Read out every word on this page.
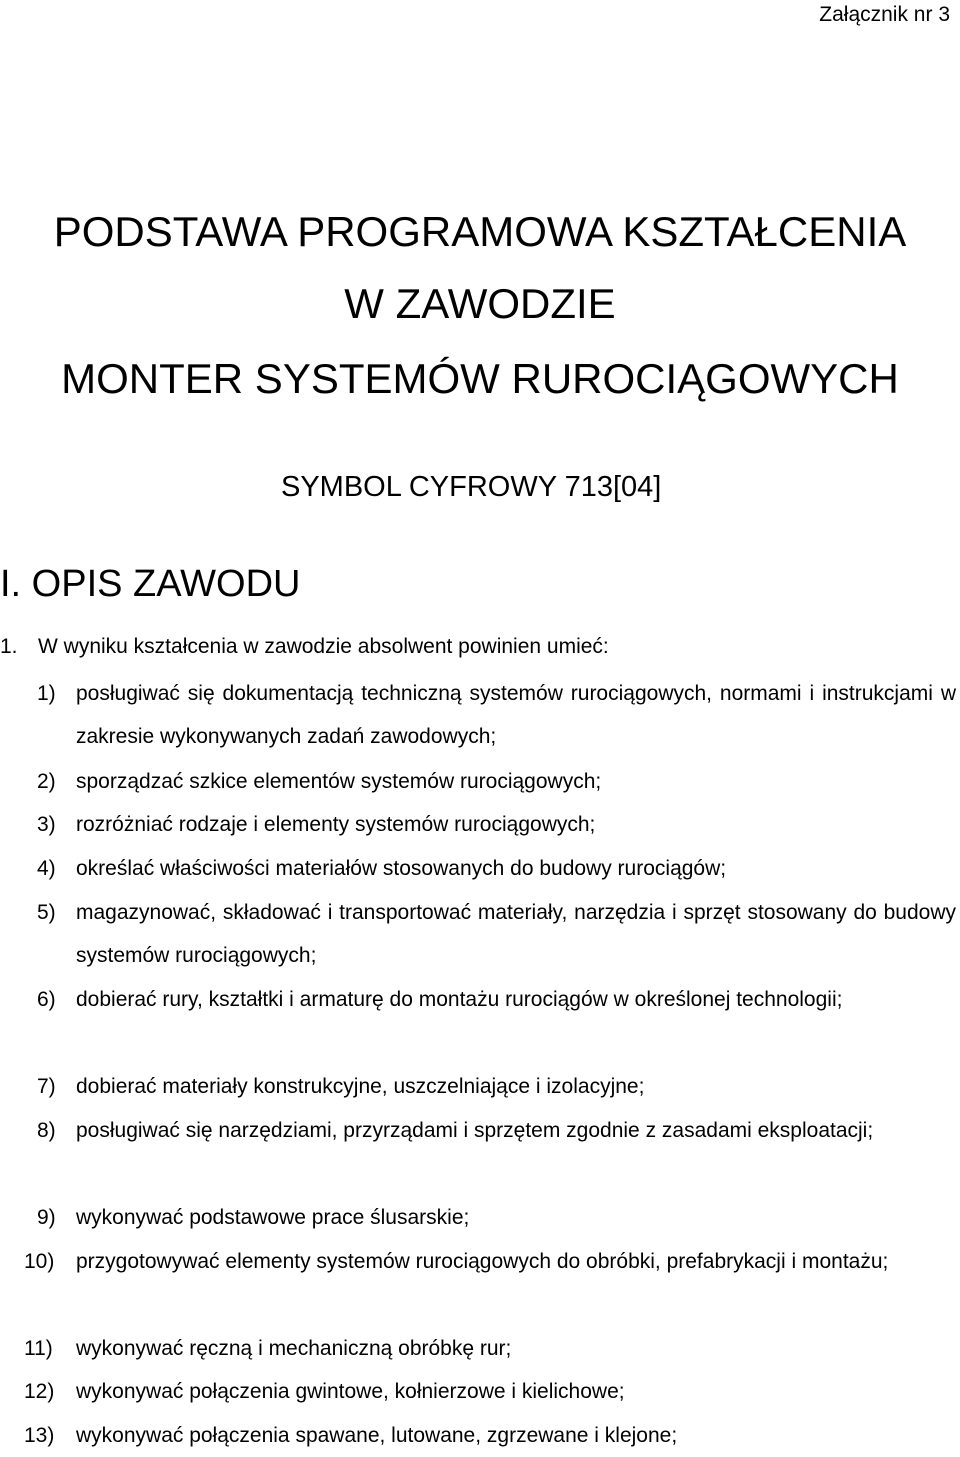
Załącznik nr 3
PODSTAWA PROGRAMOWA KSZTAŁCENIA
W ZAWODZIE
MONTER SYSTEMÓW RUROCIĄGOWYCH
SYMBOL CYFROWY 713[04]
I. OPIS ZAWODU
1. W wyniku kształcenia w zawodzie absolwent powinien umieć:
1) posługiwać się dokumentacją techniczną systemów rurociągowych, normami i instrukcjami w zakresie wykonywanych zadań zawodowych;
2) sporządzać szkice elementów systemów rurociągowych;
3) rozróżniać rodzaje i elementy systemów rurociągowych;
4) określać właściwości materiałów stosowanych do budowy rurociągów;
5) magazynować, składować i transportować materiały, narzędzia i sprzęt stosowany do budowy systemów rurociągowych;
6) dobierać rury, kształtki i armaturę do montażu rurociągów w określonej technologii;
7) dobierać materiały konstrukcyjne, uszczelniające i izolacyjne;
8) posługiwać się narzędziami, przyrządami i sprzętem zgodnie z zasadami eksploatacji;
9) wykonywać podstawowe prace ślusarskie;
10)	przygotowywać elementy systemów rurociągowych do obróbki, prefabrykacji i montażu;
11)	wykonywać ręczną i mechaniczną obróbkę rur;
12)	wykonywać połączenia gwintowe, kołnierzowe i kielichowe;
13)	wykonywać połączenia spawane, lutowane, zgrzewane i klejone;
